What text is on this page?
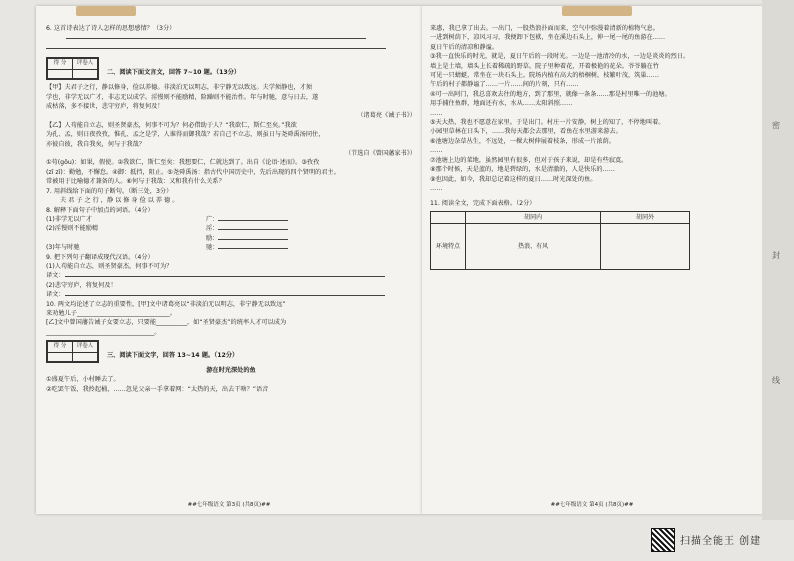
6. 这首诗表达了诗人怎样的思想感情？（3分）
得 分	评卷人
	二、阅读下面文言文，回答 7~10 题。（13分）
【甲】夫君子之行，静以修身，俭以养德。非淡泊无以明志，非宁静无以致远。夫学须静也，才须
学也，非学无以广才，非志无以成学。淫慢则不能励精，险躁则不能治性。年与时驰，意与日去，遂
成枯落，多不接世，悲守穷庐，将复何及！
（诸葛亮《诫子书》）
【乙】人苟能自立志，则圣贤豪杰，何事不可为？何必借助于人？“我欲仁，斯仁至矣。”我欲
为孔、孟，则日夜孜孜，惟孔、孟之是学，人谁得而御我哉？若自己不立志，则虽日与尧舜禹汤同住，
亦彼自彼，我自我矣，何与于我哉？
（节选自《曾国藩家书》）
①苟(gǒu)：如果，假使。②我欲仁，斯仁至矣：我想要仁，仁就达到了。出自《论语·述而》。③孜孜
(zī zī)：勤勉，不懈怠。④御：抵挡，阻止。⑤尧舜禹汤：指古代中国历史中，先后出现的四个贤明的君主。
常被用于比喻德才兼备的人。⑥何与于我哉：又和我有什么关系？
7. 用斜线给下面的句子断句。（断三处，3分）
夫 君 子 之 行 ，静 以 修 身 俭 以 养 德 。
8. 解释下面句子中加点的词语。（4分）
(1)非学无以广才
(2)淫慢则不能励精

(3)年与时驰
广：
淫：
励：
驰：
9. 把下列句子翻译成现代汉语。（4分）
(1)人苟能自立志，则圣贤豪杰，何事不可为？
译文：
(2)悲守穷庐，将复何及！
译文：
10. 两文均论述了立志的重要性，[甲]文中诸葛亮以“非淡泊无以明志，非宁静无以致远”
来劝勉儿子______________________________。
[乙]文中曾国藩告诫子女要立志，只要能__________，如“圣贤豪杰”的统率人才可以成为
___________________________________。
得 分	评卷人
	三、阅读下面文字，回答 13~14 题。（12分）
游在时光深处的鱼
①盛夏午后，小村睡去了。
②吃罢午饭，我拎起桶，……忽见父亲一手拿着网：“太热的天，出去干啥？”语音
##七年级语文 第3页 (共8页)##
来惠，我已拿了出去。一出门，一股热浪扑面而来，空气中弥漫着清新的植物气息。
一进到树荫下，凉风习习，我便卸下包袱，坐在溪边石头上，伸一尾一尾的鱼游在……
夏日午后的清凉和静谧。
③我一直快乐的时光，就是，夏日午后的一段时光。一边是一池清冷的水，一边是炎炎的烈日。
墙上是土墙，墙头上长着稀疏的野草。院子里种着花，开着极艳的花朵。爷爷躺在竹
可见一只蜻蜓，常坐在一块石头上。院场内植有高大的梧桐树，枝繁叶茂，筑巢……
午后的村子都静谧了……一片……间的片刻，只有……
④可一出阿门，我总喜欢去往的地方，到了那里，就像一条条……那是村里唯一的池塘。
用手捕住鱼群，地面还有水，水从……太阳斜照……
……
⑤天大热，我也不愿意在家里。于是出门。村庄一片安静，树上的知了，不停地叫着。
小园里草林在日头下，……我每天都会去那里，看鱼在水里游来游去。
⑥池塘边杂草丛生，不远处，一棵大树伸展着枝条，形成一片浓荫。
……
⑦池塘上边的菜地，虽然园里有很多，但对于孩子来说，却是有些寂寞。
⑧那个时候，天是蓝的，地是碧绿的，水是清澈的，人是快乐的……
⑨也因此，如今，我却总记着这样的夏日……时光深处的鱼。
……
11. 阅读全文，完成下面表格。（2分）
	胡同内	胡同外
环境特点	热浪、有风	
##七年级语文 第4页 (共8页)##
密
封
线
扫描全能王 创建
